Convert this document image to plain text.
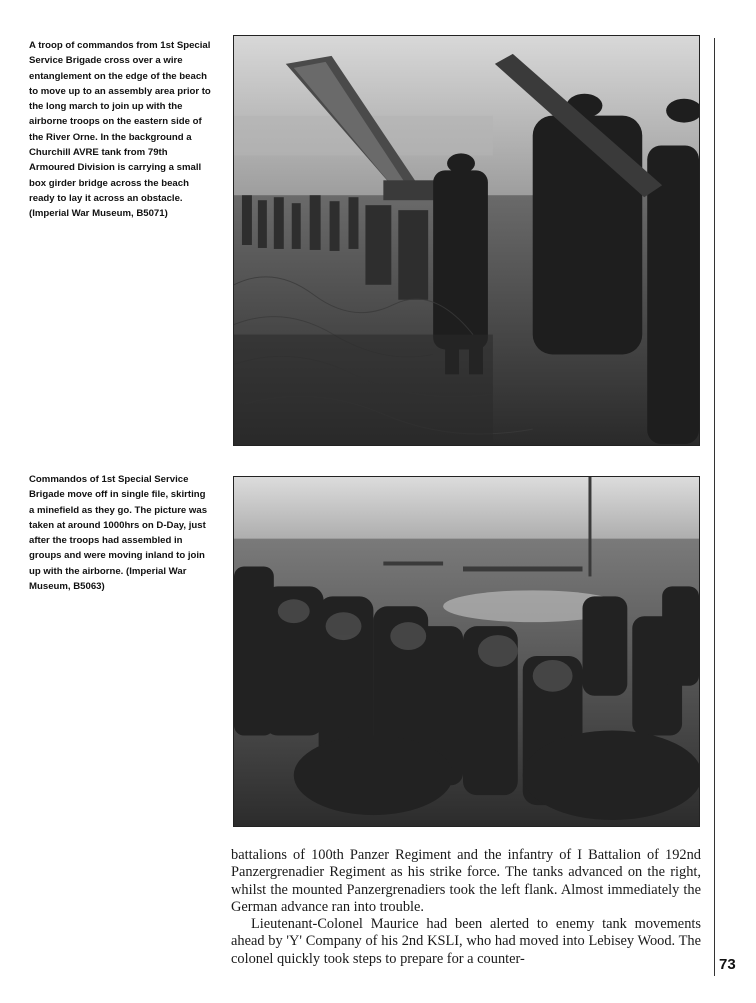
A troop of commandos from 1st Special Service Brigade cross over a wire entanglement on the edge of the beach to move up to an assembly area prior to the long march to join up with the airborne troops on the eastern side of the River Orne. In the background a Churchill AVRE tank from 79th Armoured Division is carrying a small box girder bridge across the beach ready to lay it across an obstacle. (Imperial War Museum, B5071)
Commandos of 1st Special Service Brigade move off in single file, skirting a minefield as they go. The picture was taken at around 1000hrs on D-Day, just after the troops had assembled in groups and were moving inland to join up with the airborne. (Imperial War Museum, B5063)

battalions of 100th Panzer Regiment and the infantry of I Battalion of 192nd Panzergrenadier Regiment as his strike force. The tanks advanced on the right, whilst the mounted Panzergrenadiers took the left flank. Almost immediately the German advance ran into trouble.

Lieutenant-Colonel Maurice had been alerted to enemy tank movements ahead by 'Y' Company of his 2nd KSLI, who had moved into Lebisey Wood. The colonel quickly took steps to prepare for a counter-	73
